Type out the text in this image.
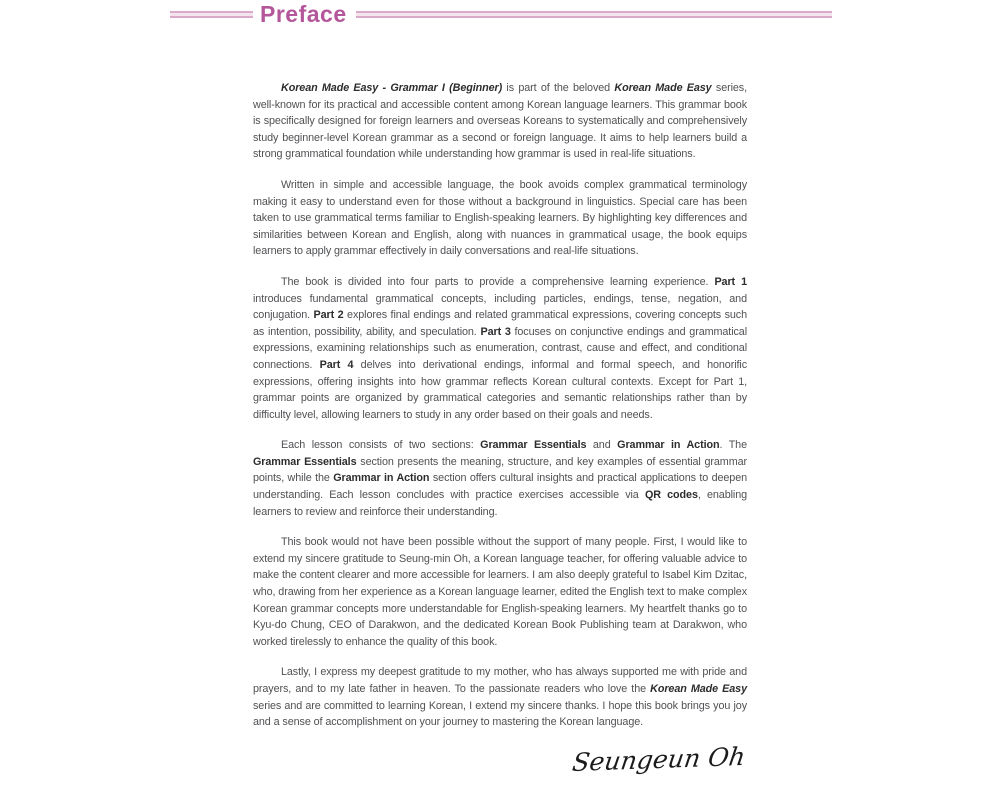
Preface

Korean Made Easy - Grammar I (Beginner) is part of the beloved Korean Made Easy series, well-known for its practical and accessible content among Korean language learners. This grammar book is specifically designed for foreign learners and overseas Koreans to systematically and comprehensively study beginner-level Korean grammar as a second or foreign language. It aims to help learners build a strong grammatical foundation while understanding how grammar is used in real-life situations.

Written in simple and accessible language, the book avoids complex grammatical terminology making it easy to understand even for those without a background in linguistics. Special care has been taken to use grammatical terms familiar to English-speaking learners. By highlighting key differences and similarities between Korean and English, along with nuances in grammatical usage, the book equips learners to apply grammar effectively in daily conversations and real-life situations.

The book is divided into four parts to provide a comprehensive learning experience. Part 1 introduces fundamental grammatical concepts, including particles, endings, tense, negation, and conjugation. Part 2 explores final endings and related grammatical expressions, covering concepts such as intention, possibility, ability, and speculation. Part 3 focuses on conjunctive endings and grammatical expressions, examining relationships such as enumeration, contrast, cause and effect, and conditional connections. Part 4 delves into derivational endings, informal and formal speech, and honorific expressions, offering insights into how grammar reflects Korean cultural contexts. Except for Part 1, grammar points are organized by grammatical categories and semantic relationships rather than by difficulty level, allowing learners to study in any order based on their goals and needs.

Each lesson consists of two sections: Grammar Essentials and Grammar in Action. The Grammar Essentials section presents the meaning, structure, and key examples of essential grammar points, while the Grammar in Action section offers cultural insights and practical applications to deepen understanding. Each lesson concludes with practice exercises accessible via QR codes, enabling learners to review and reinforce their understanding.

This book would not have been possible without the support of many people. First, I would like to extend my sincere gratitude to Seung-min Oh, a Korean language teacher, for offering valuable advice to make the content clearer and more accessible for learners. I am also deeply grateful to Isabel Kim Dzitac, who, drawing from her experience as a Korean language learner, edited the English text to make complex Korean grammar concepts more understandable for English-speaking learners. My heartfelt thanks go to Kyu-do Chung, CEO of Darakwon, and the dedicated Korean Book Publishing team at Darakwon, who worked tirelessly to enhance the quality of this book.

Lastly, I express my deepest gratitude to my mother, who has always supported me with pride and prayers, and to my late father in heaven. To the passionate readers who love the Korean Made Easy series and are committed to learning Korean, I extend my sincere thanks. I hope this book brings you joy and a sense of accomplishment on your journey to mastering the Korean language.

Seungeun Oh
